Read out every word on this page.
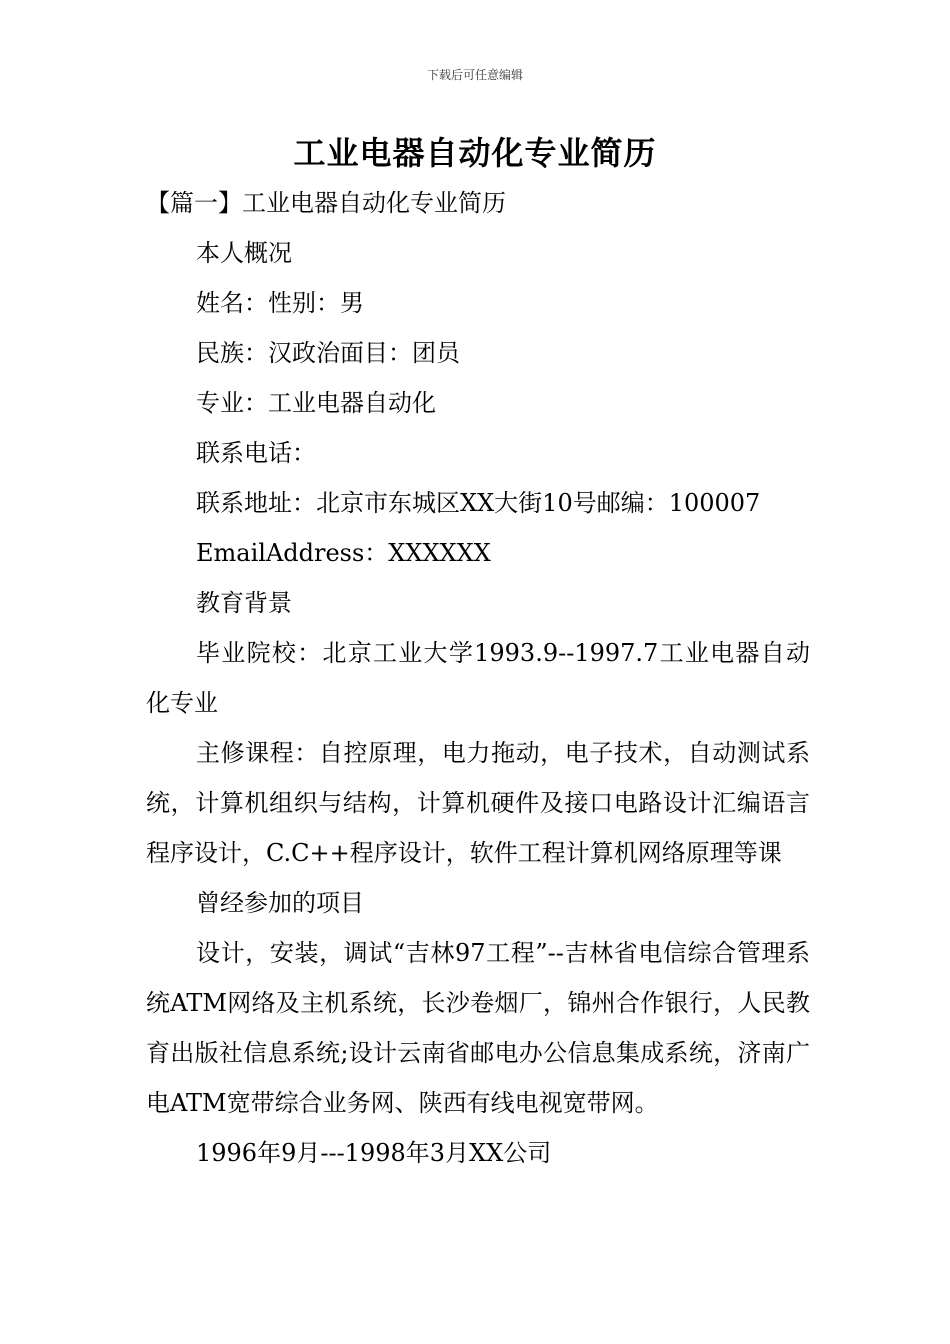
下载后可任意编辑
工业电器自动化专业简历

【篇一】工业电器自动化专业简历

本人概况

姓名：性别：男

民族：汉政治面目：团员

专业：工业电器自动化

联系电话：

联系地址：北京市东城区XX大街10号邮编：100007

EmailAddress：XXXXXX

教育背景

毕业院校：北京工业大学1993.9--1997.7工业电器自动化专业

主修课程：自控原理，电力拖动，电子技术，自动测试系统，计算机组织与结构，计算机硬件及接口电路设计汇编语言程序设计，C.C++程序设计，软件工程计算机网络原理等课

曾经参加的项目

设计，安装，调试“吉林97工程”--吉林省电信综合管理系统ATM网络及主机系统，长沙卷烟厂，锦州合作银行，人民教育出版社信息系统;设计云南省邮电办公信息集成系统，济南广电ATM宽带综合业务网、陕西有线电视宽带网。

1996年9月---1998年3月XX公司
